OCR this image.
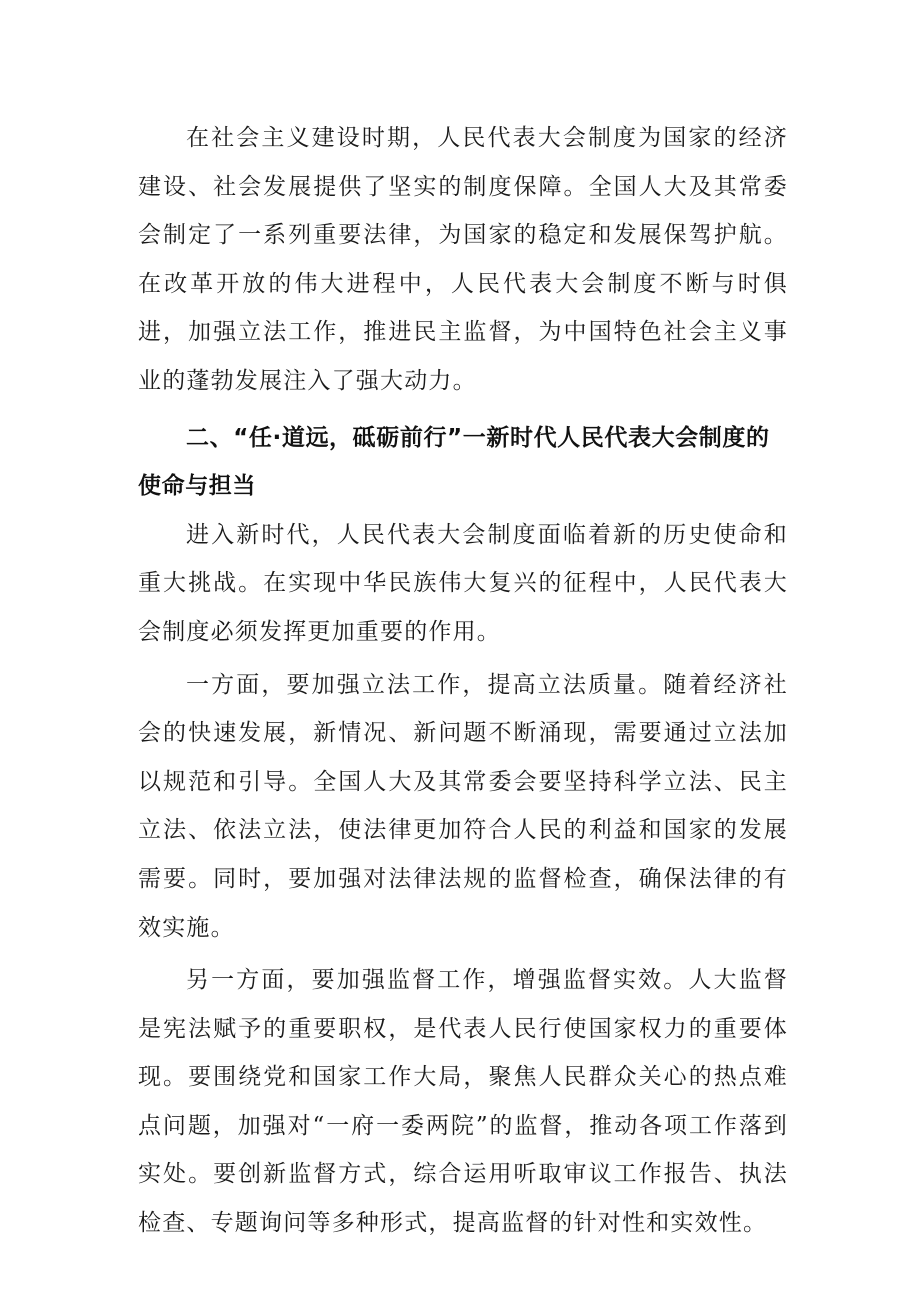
在社会主义建设时期，人民代表大会制度为国家的经济建设、社会发展提供了坚实的制度保障。全国人大及其常委会制定了一系列重要法律，为国家的稳定和发展保驾护航。在改革开放的伟大进程中，人民代表大会制度不断与时俱进，加强立法工作，推进民主监督，为中国特色社会主义事业的蓬勃发展注入了强大动力。

二、“任·道远，砥砺前行”一新时代人民代表大会制度的使命与担当

进入新时代，人民代表大会制度面临着新的历史使命和重大挑战。在实现中华民族伟大复兴的征程中，人民代表大会制度必须发挥更加重要的作用。

一方面，要加强立法工作，提高立法质量。随着经济社会的快速发展，新情况、新问题不断涌现，需要通过立法加以规范和引导。全国人大及其常委会要坚持科学立法、民主立法、依法立法，使法律更加符合人民的利益和国家的发展需要。同时，要加强对法律法规的监督检查，确保法律的有效实施。

另一方面，要加强监督工作，增强监督实效。人大监督是宪法赋予的重要职权，是代表人民行使国家权力的重要体现。要围绕党和国家工作大局，聚焦人民群众关心的热点难点问题，加强对“一府一委两院”的监督，推动各项工作落到实处。要创新监督方式，综合运用听取审议工作报告、执法检查、专题询问等多种形式，提高监督的针对性和实效性。
